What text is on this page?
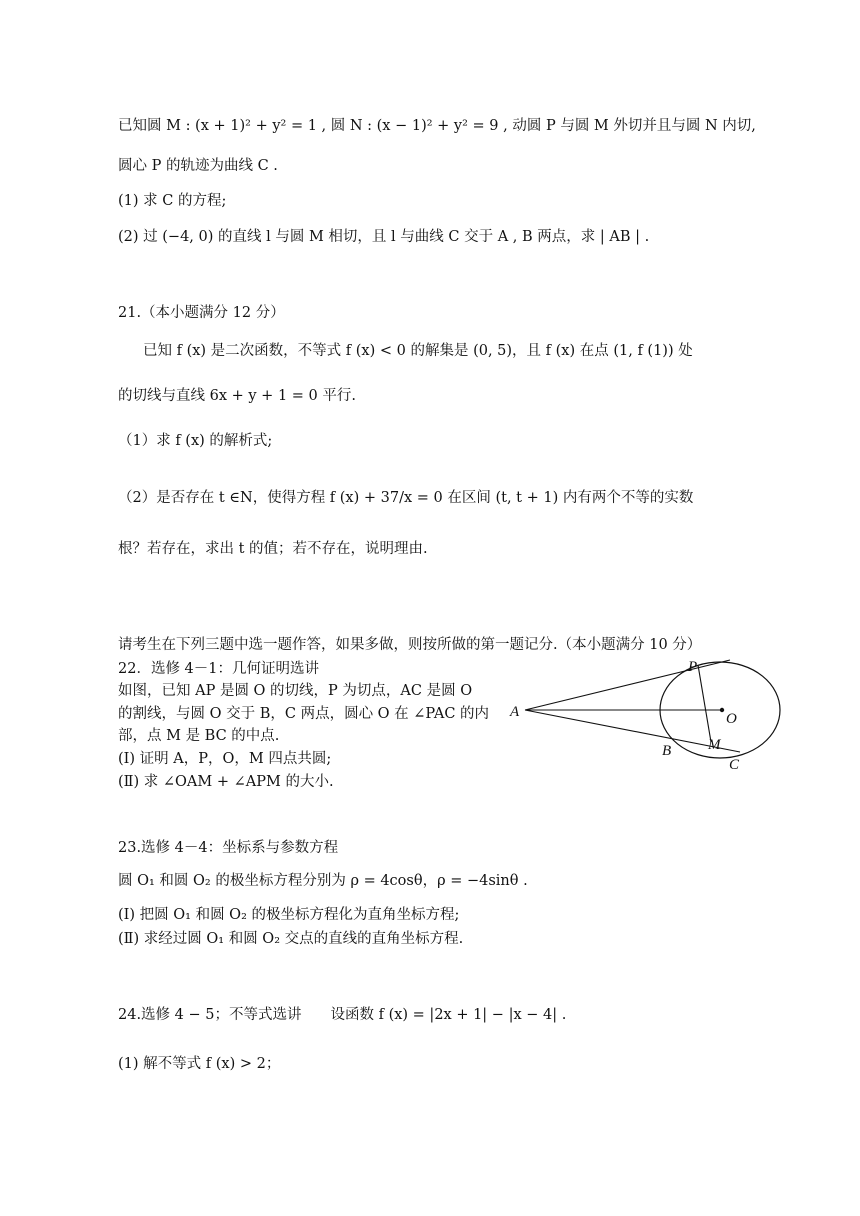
已知圆 M : (x + 1)² + y² = 1 , 圆 N : (x − 1)² + y² = 9 , 动圆 P 与圆 M 外切并且与圆 N 内切,
圆心 P 的轨迹为曲线 C .
(1) 求 C 的方程;
(2) 过 (−4, 0) 的直线 l 与圆 M 相切，且 l 与曲线 C 交于 A , B 两点，求 | AB | .
21.（本小题满分 12 分）
已知 f (x) 是二次函数，不等式 f (x) < 0 的解集是 (0, 5)，且 f (x) 在点 (1, f (1)) 处
的切线与直线 6x + y + 1 = 0 平行.
（1）求 f (x) 的解析式;
（2）是否存在 t ∈N，使得方程 f (x) + 37/x = 0 在区间 (t, t + 1) 内有两个不等的实数
根？若存在，求出 t 的值；若不存在，说明理由.
请考生在下列三题中选一题作答，如果多做，则按所做的第一题记分.（本小题满分 10 分）
22．选修 4－1：几何证明选讲
如图，已知 AP 是圆 O 的切线，P 为切点，AC 是圆 O
的割线，与圆 O 交于 B，C 两点，圆心 O 在 ∠PAC 的内
部，点 M 是 BC 的中点.
(Ⅰ) 证明 A，P，O，M 四点共圆;
(Ⅱ) 求 ∠OAM + ∠APM 的大小.
23.选修 4－4：坐标系与参数方程
圆 O₁ 和圆 O₂ 的极坐标方程分别为 ρ = 4cosθ，ρ = −4sinθ .
(Ⅰ) 把圆 O₁ 和圆 O₂ 的极坐标方程化为直角坐标方程;
(Ⅱ) 求经过圆 O₁ 和圆 O₂ 交点的直线的直角坐标方程.
24.选修 4 − 5；不等式选讲　　设函数 f (x) = |2x + 1| − |x − 4| .
(1) 解不等式 f (x) > 2；
P
A	O
M
B
C
